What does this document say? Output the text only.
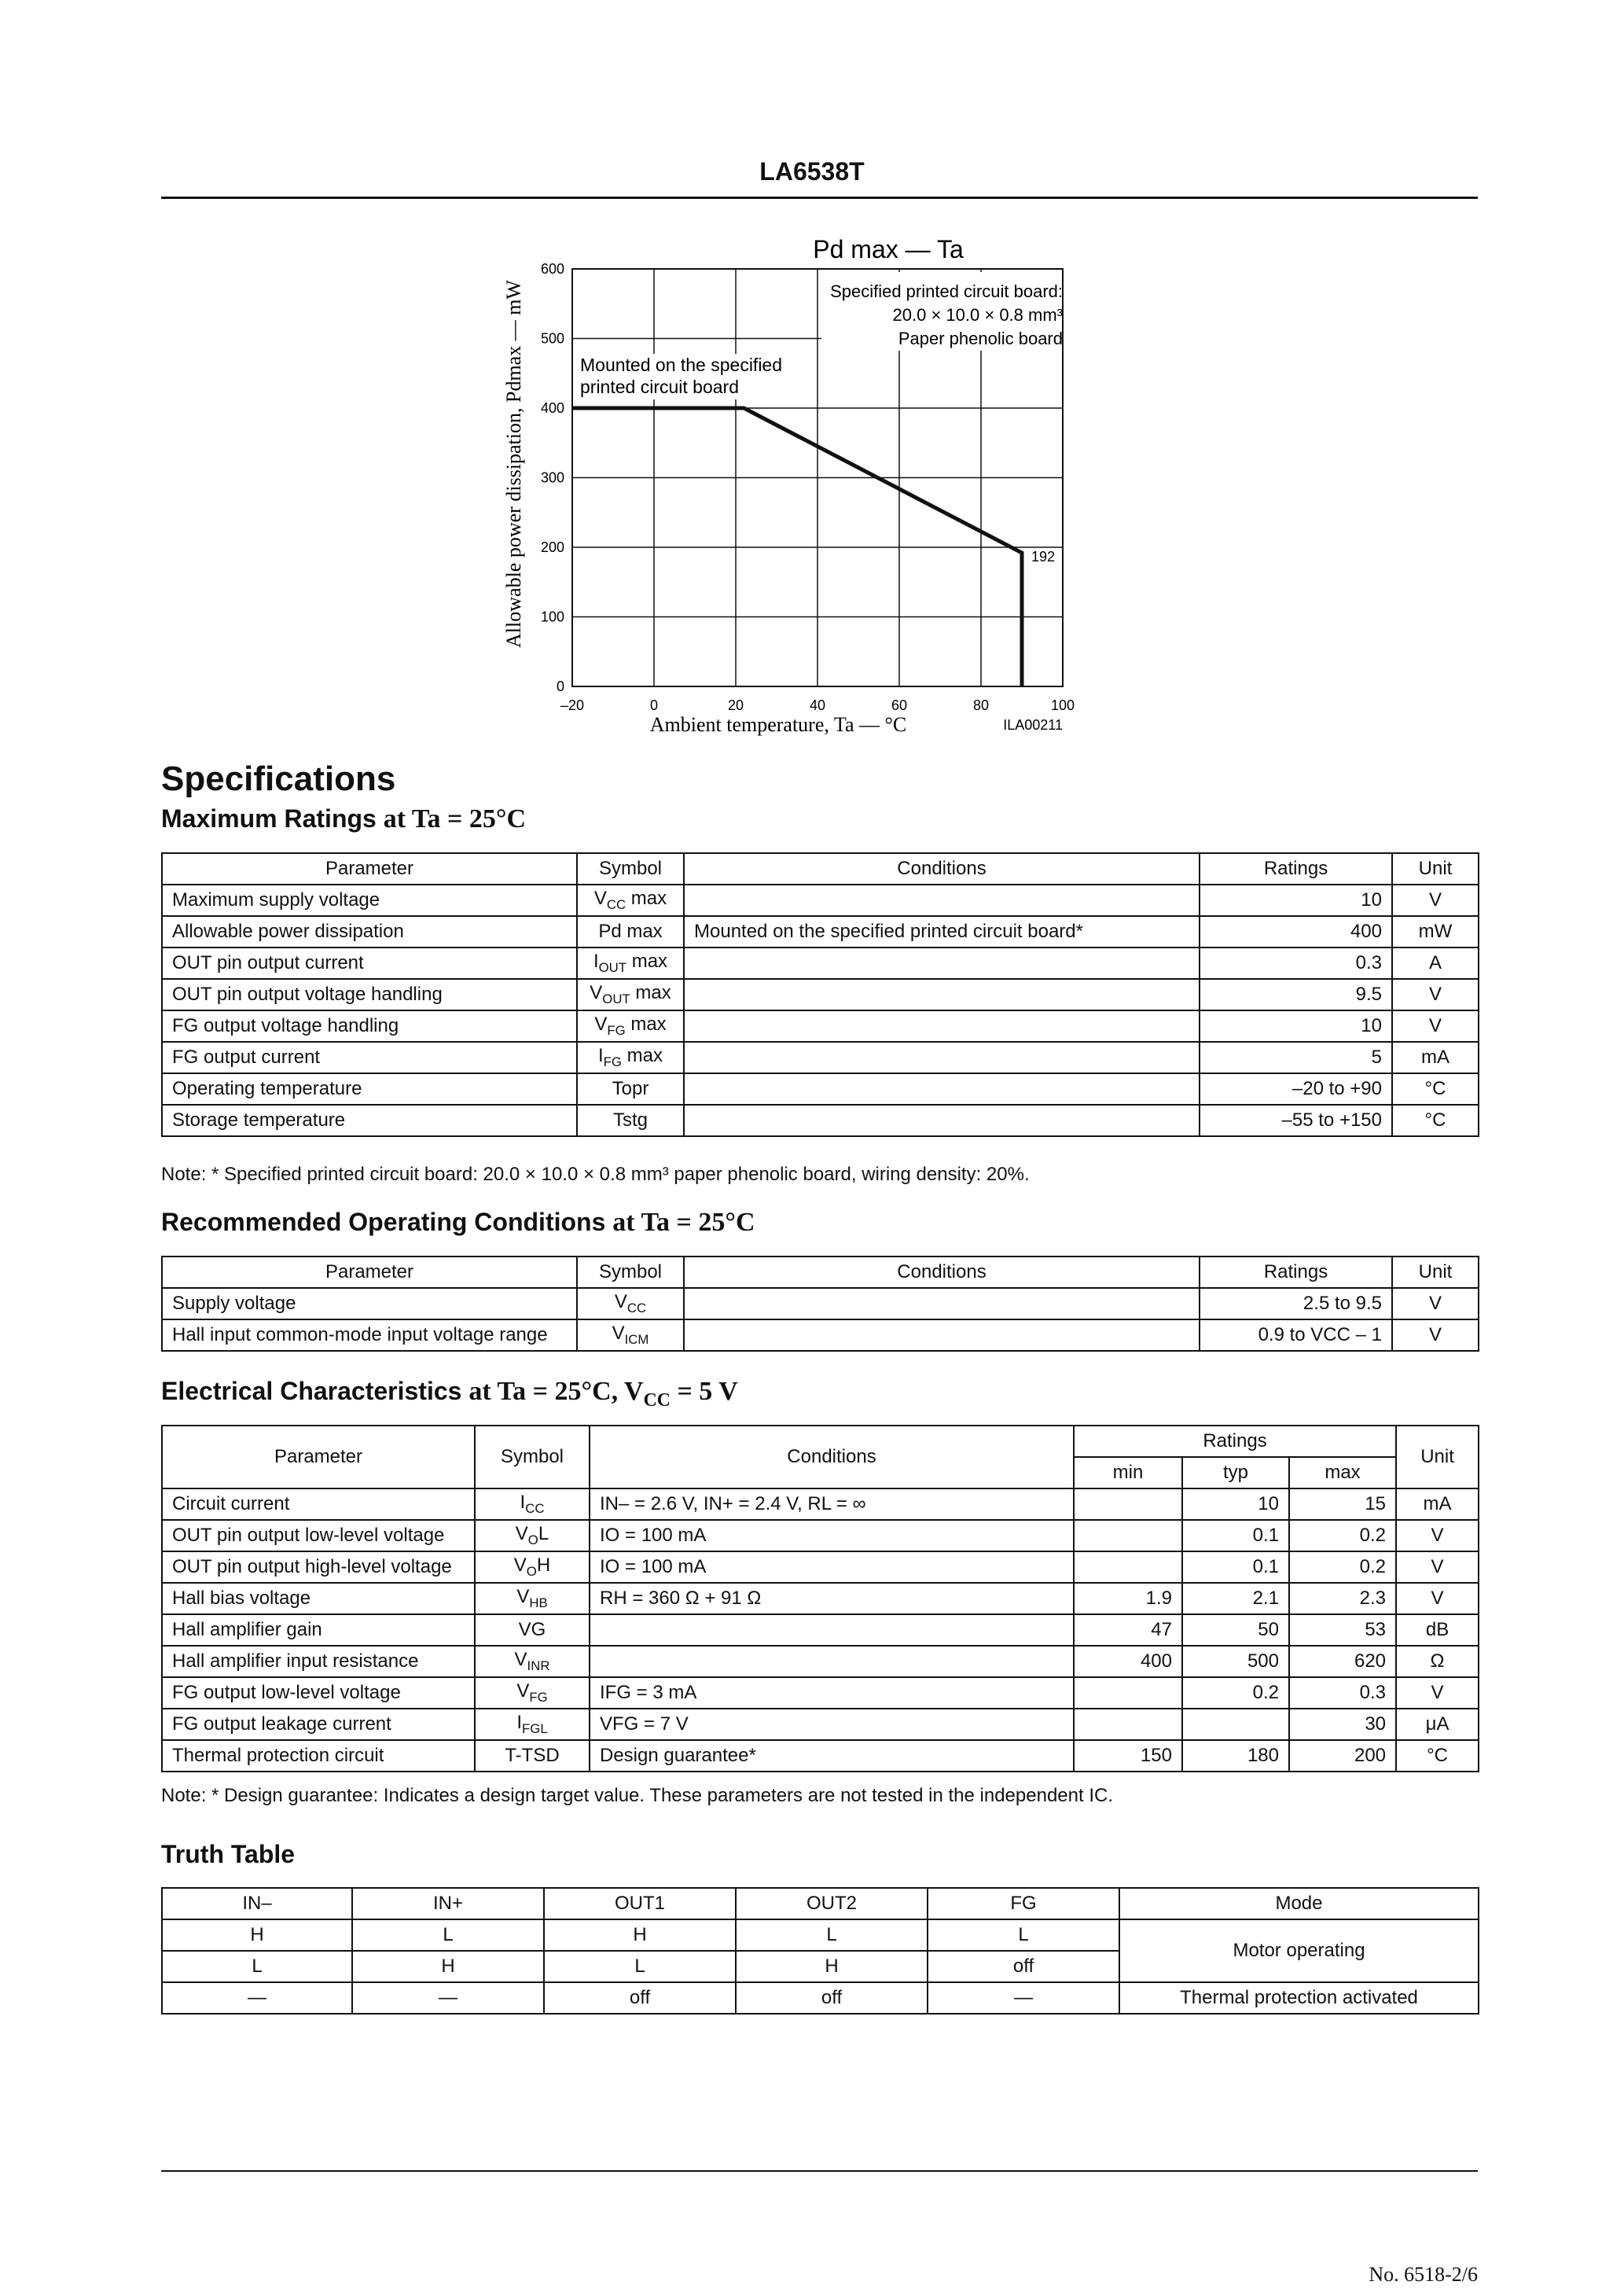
LA6538T
–20	0	20	40	60	80	100
0
100
200
300
400
500
600
Pd max — Ta
Mounted on the specified
printed circuit board
Specified printed circuit board:
20.0 × 10.0 × 0.8 mm³
Paper phenolic board
192
Ambient temperature, Ta — °C	ILA00211
Allowable power dissipation, Pdmax — mW
Specifications
Maximum Ratings at Ta = 25°C
Parameter	Symbol	Conditions	Ratings	Unit
Maximum supply voltage	$V_{CC}$ max		10	V
Allowable power dissipation	Pd max	Mounted on the specified printed circuit board*	400	mW
OUT pin output current	$I_{OUT}$ max		0.3	A
OUT pin output voltage handling	$V_{OUT}$ max		9.5	V
FG output voltage handling	$V_{FG}$ max		10	V
FG output current	$I_{FG}$ max		5	mA
Operating temperature	Topr		–20 to +90	°C
Storage temperature	Tstg		–55 to +150	°C
Note: * Specified printed circuit board: 20.0 × 10.0 × 0.8 mm³ paper phenolic board, wiring density: 20%.
Recommended Operating Conditions at Ta = 25°C
Parameter	Symbol	Conditions	Ratings	Unit
Supply voltage	$V_{CC}$		2.5 to 9.5	V
Hall input common-mode input voltage range	$V_{ICM}$		0.9 to VCC – 1	V
Electrical Characteristics at Ta = 25°C, $V_{CC} = 5$ V
Parameter	Symbol	Conditions	Ratings			Unit
			min	typ	max	
Circuit current	$I_{CC}$	IN– = 2.6 V, IN+ = 2.4 V, RL = ∞		10	15	mA
OUT pin output low-level voltage	$V_OL$	IO = 100 mA		0.1	0.2	V
OUT pin output high-level voltage	$V_OH$	IO = 100 mA		0.1	0.2	V
Hall bias voltage	$V_{HB}$	RH = 360 Ω + 91 Ω	1.9	2.1	2.3	V
Hall amplifier gain	VG		47	50	53	dB
Hall amplifier input resistance	$V_{INR}$		400	500	620	Ω
FG output low-level voltage	$V_{FG}$	IFG = 3 mA		0.2	0.3	V
FG output leakage current	$I_{FGL}$	VFG = 7 V			30	μA
Thermal protection circuit	T-TSD	Design guarantee*	150	180	200	°C
Note: * Design guarantee: Indicates a design target value. These parameters are not tested in the independent IC.
Truth Table
IN–	IN+	OUT1	OUT2	FG	Mode
H	L	H	L	L	Motor operating
L	H	L	H	off	
—	—	off	off	—	Thermal protection activated
No. 6518-2/6
